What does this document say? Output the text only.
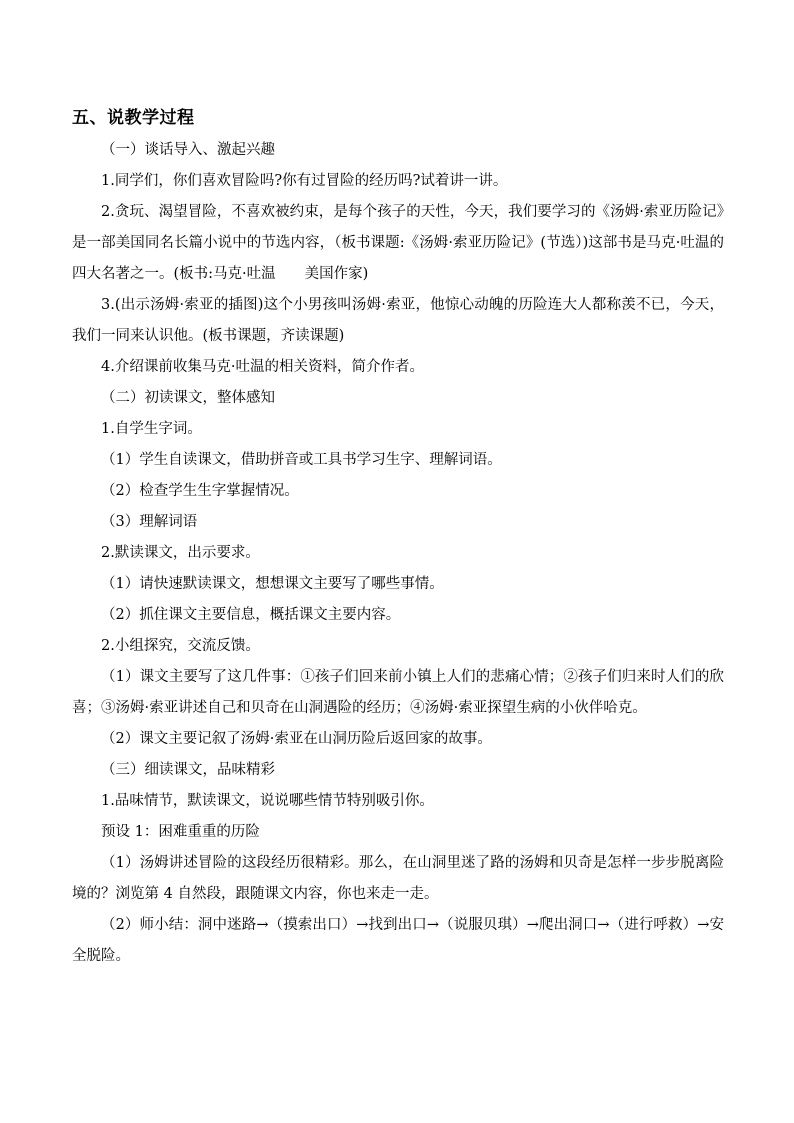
五、说教学过程

（一）谈话导入、激起兴趣

1.同学们，你们喜欢冒险吗?你有过冒险的经历吗?试着讲一讲。

2.贪玩、渴望冒险，不喜欢被约束，是每个孩子的天性，今天，我们要学习的《汤姆·索亚历险记》是一部美国同名长篇小说中的节选内容，（板书课题:《汤姆·索亚历险记》(节选）)这部书是马克·吐温的四大名著之一。(板书:马克·吐温　　美国作家)

3.(出示汤姆·索亚的插图)这个小男孩叫汤姆·索亚，他惊心动魄的历险连大人都称羡不已，今天，我们一同来认识他。(板书课题，齐读课题)

4.介绍课前收集马克·吐温的相关资料，简介作者。

（二）初读课文，整体感知

1.自学生字词。

（1）学生自读课文，借助拼音或工具书学习生字、理解词语。

（2）检查学生生字掌握情况。

（3）理解词语

2.默读课文，出示要求。

（1）请快速默读课文，想想课文主要写了哪些事情。

（2）抓住课文主要信息，概括课文主要内容。

2.小组探究，交流反馈。

（1）课文主要写了这几件事：①孩子们回来前小镇上人们的悲痛心情；②孩子们归来时人们的欣喜；③汤姆·索亚讲述自己和贝奇在山洞遇险的经历；④汤姆·索亚探望生病的小伙伴哈克。

（2）课文主要记叙了汤姆·索亚在山洞历险后返回家的故事。

（三）细读课文，品味精彩

1.品味情节，默读课文，说说哪些情节特别吸引你。

预设 1：困难重重的历险

（1）汤姆讲述冒险的这段经历很精彩。那么，在山洞里迷了路的汤姆和贝奇是怎样一步步脱离险境的？浏览第 4 自然段，跟随课文内容，你也来走一走。

（2）师小结：洞中迷路→（摸索出口）→找到出口→（说服贝琪）→爬出洞口→（进行呼救）→安全脱险。
